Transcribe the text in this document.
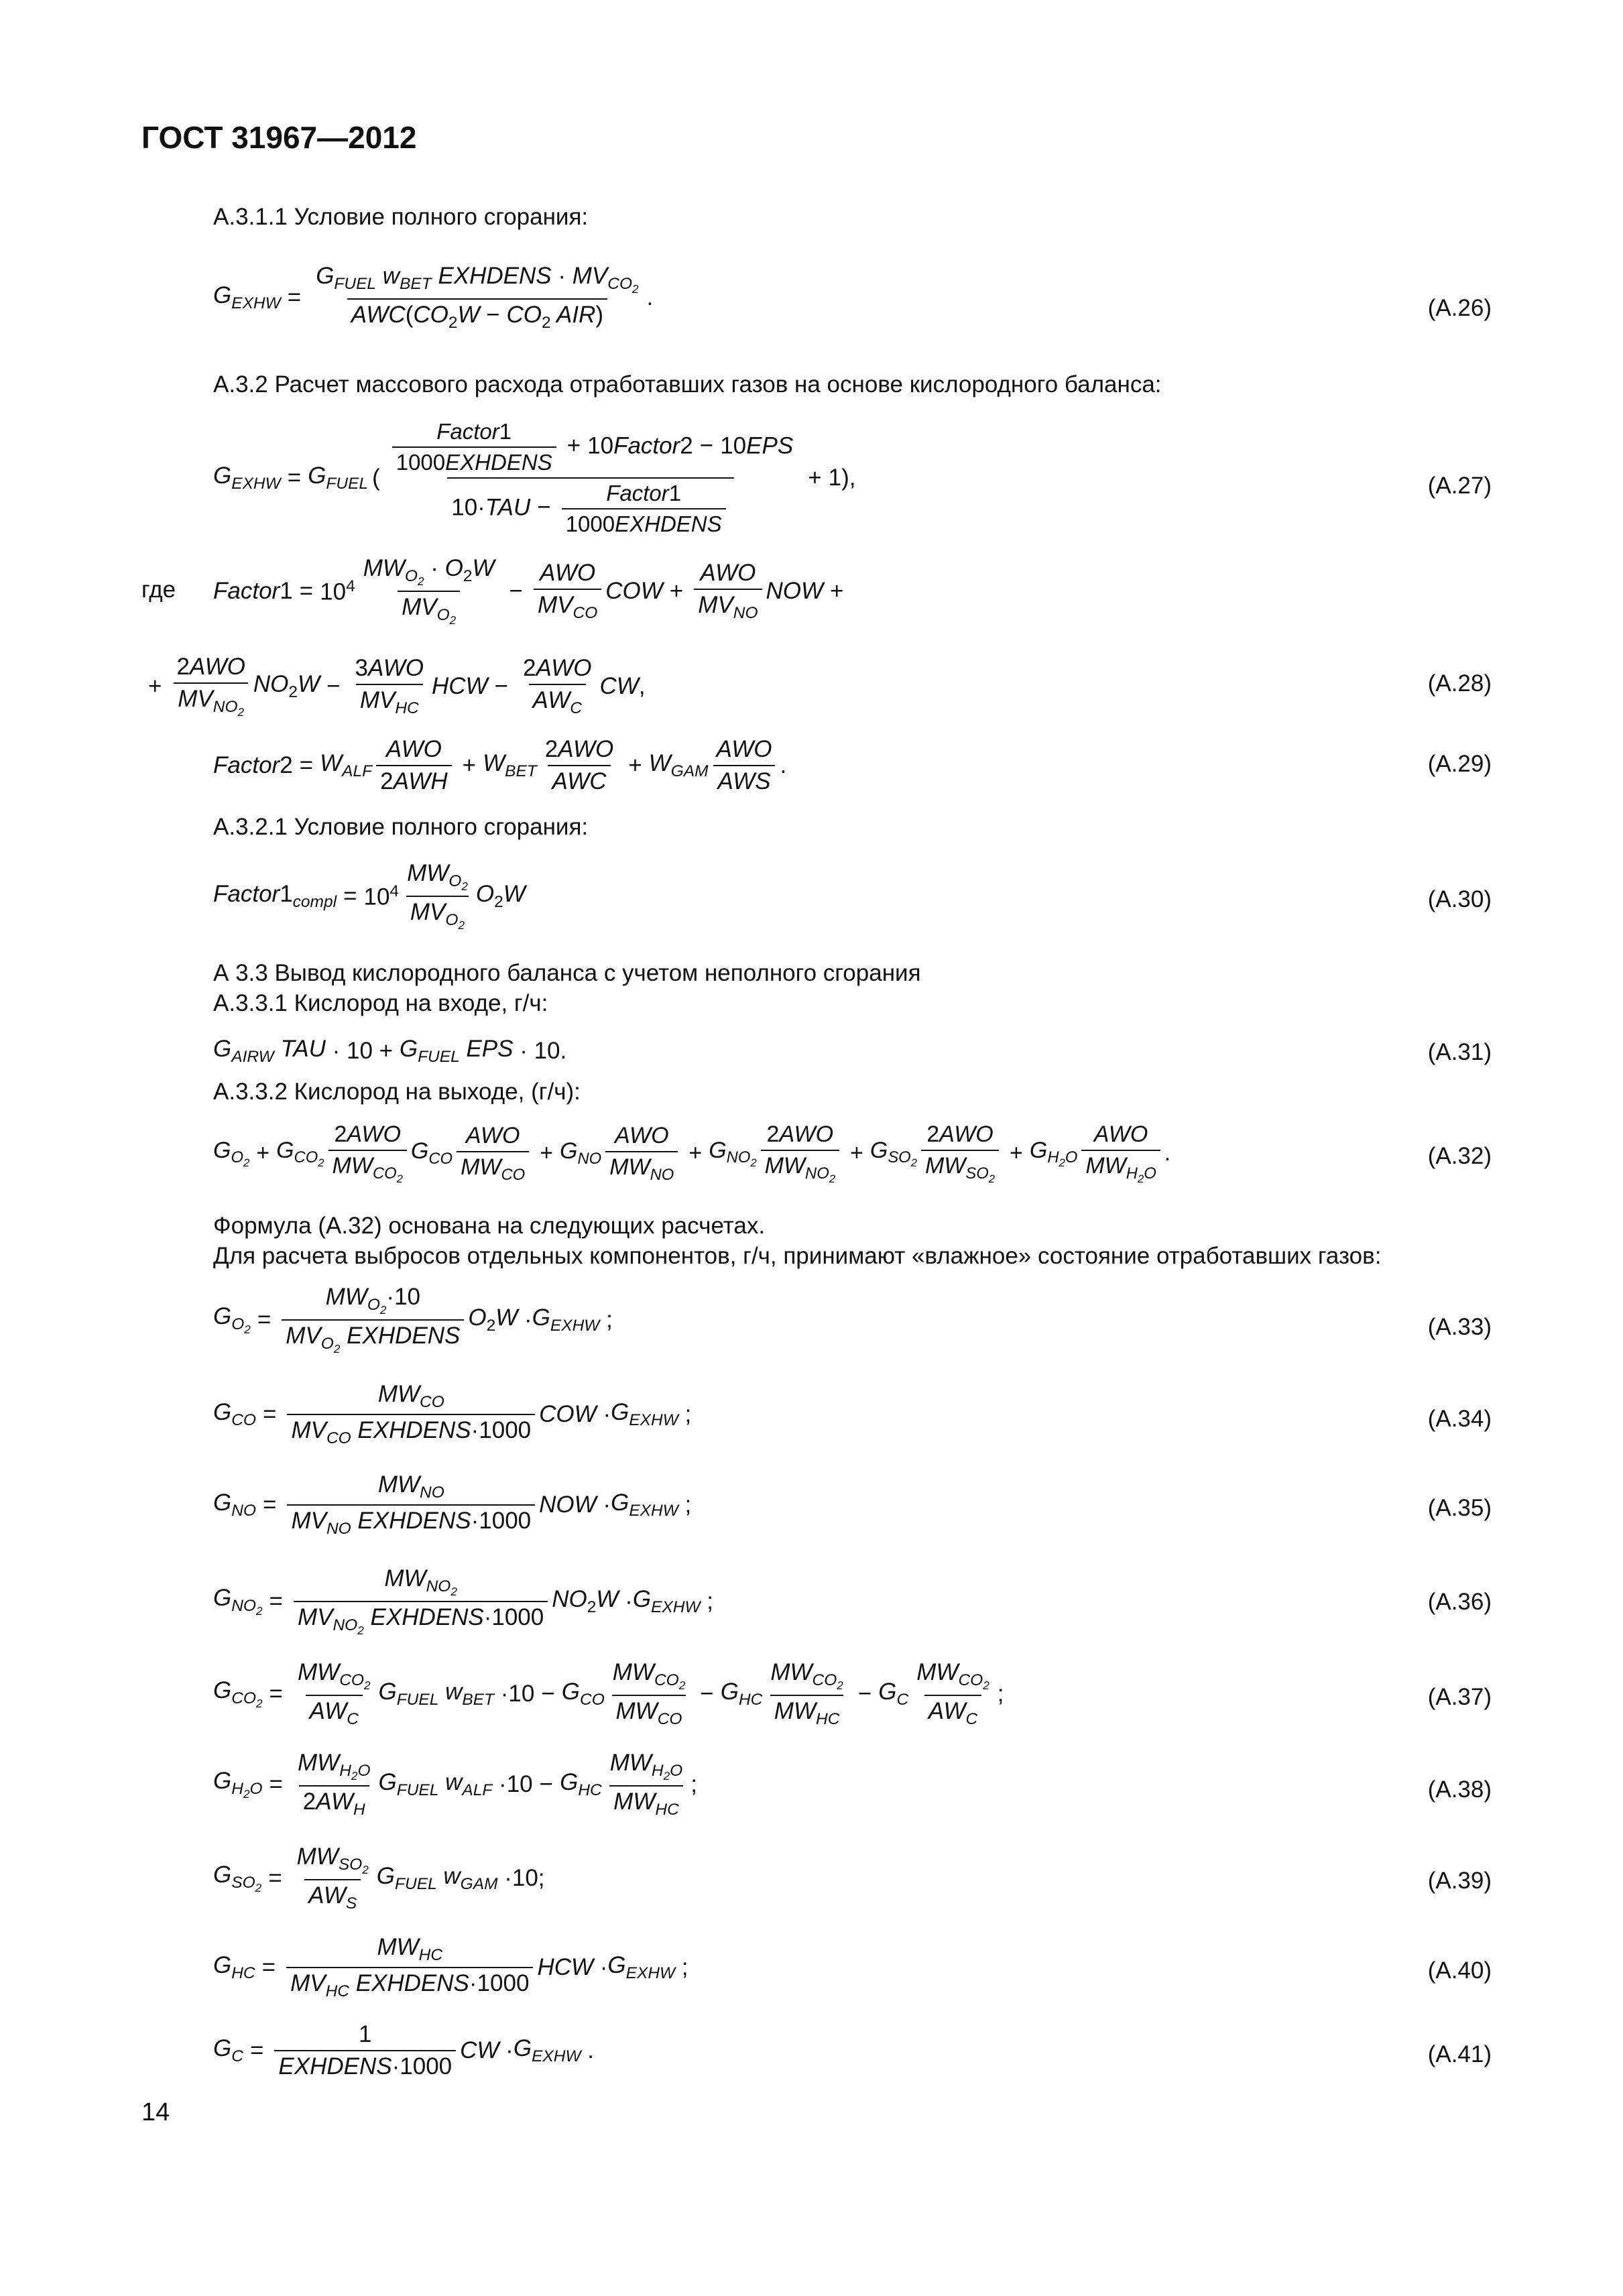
ГОСТ 31967—2012
А.3.1.1 Условие полного сгорания:
$G_{EXHW}$ =
$G_{FUEL}$ $w_{BET}$ EXHDENS · $MV_{CO_2}$
$AWC(CO_2W - CO_2$ AIR)
.	(А.26)
А.3.2 Расчет массового расхода отработавших газов на основе кислородного баланса:
$G_{EXHW} = G_{FUEL}$ (
Factor1
1000EXHDENS
+ 10Factor2 − 10EPS
10·TAU −
Factor1
1000EXHDENS
+ 1),	(А.27)
где Factor1 = $10^4$
$MW_{O_2} \cdot O_2W$
$MV_{O_2}$
−
AWO
$MV_{CO}$
COW +
AWO
$MV_{NO}$
NOW +
+
2AWO
$MV_{NO_2}$
$NO_2W$ −
3AWO
$MV_{HC}$
HCW −
2AWO
$AW_C$
CW ,	(А.28)
Factor2 = $W_{ALF}$
AWO
2AWH
+ $W_{BET}$
2AWO
AWC
+ $W_{GAM}$
AWO
AWS
.	(А.29)
А.3.2.1 Условие полного сгорания:
$Factor1_{compl} = 10^4$
$MW_{O_2}$
$MV_{O_2}$
$O_2W$	(А.30)
А 3.3 Вывод кислородного баланса с учетом неполного сгорания
А.3.3.1 Кислород на входе, г/ч:
$G_{AIRW}$ TAU · $10 + G_{FUEL}$ EPS · 10.	(А.31)
А.3.3.2 Кислород на выходе, (г/ч):
$G_{O_2} + G_{CO_2}$
2AWO
$MW_{CO_2}$
$G_{CO}$
AWO
$MW_{CO}$
+ $G_{NO}$
AWO
$MW_{NO}$
+ $G_{NO_2}$
2AWO
$MW_{NO_2}$
+ $G_{SO_2}$
2AWO
$MW_{SO_2}$
+ $G_{H_2O}$
AWO
$MW_{H_2O}$
.	(А.32)
Формула (А.32) основана на следующих расчетах.
Для расчета выбросов отдельных компонентов, г/ч, принимают «влажное» состояние отработавших газов:
$G_{O_2}$ =
$MW_{O_2}\cdot 10$
$MV_{O_2}$ EXHDENS
$O_2W \cdot G_{EXHW}$ ;	(А.33)
$G_{CO}$ =
$MW_{CO}$
$MV_{CO}$ EXHDENS·1000
COW · $G_{EXHW}$ ;	(А.34)
$G_{NO}$ =
$MW_{NO}$
$MV_{NO}$ EXHDENS·1000
NOW · $G_{EXHW}$ ;	(А.35)
$G_{NO_2}$ =
$MW_{NO_2}$
$MV_{NO_2}$ EXHDENS·1000
$NO_2W \cdot G_{EXHW}$ ;	(А.36)
$G_{CO_2}$ =
$MW_{CO_2}$
$AW_C$
$G_{FUEL}$ $w_{BET} \cdot 10 - G_{CO}$
$MW_{CO_2}$
$MW_{CO}$
− $G_{HC}$
$MW_{CO_2}$
$MW_{HC}$
− $G_C$
$MW_{CO_2}$
$AW_C$
;	(А.37)
$G_{H_2O}$ =
$MW_{H_2O}$
$2AW_H$
$G_{FUEL}$ $w_{ALF} \cdot 10 - G_{HC}$
$MW_{H_2O}$
$MW_{HC}$
;	(А.38)
$G_{SO_2}$ =
$MW_{SO_2}$
$AW_S$
$G_{FUEL}$ $w_{GAM} \cdot 10$;	(А.39)
$G_{HC}$ =
$MW_{HC}$
$MV_{HC}$ EXHDENS·1000
HCW · $G_{EXHW}$ ;	(А.40)
$G_C$ =
1
EXHDENS·1000
CW · $G_{EXHW}$ .	(А.41)
14
